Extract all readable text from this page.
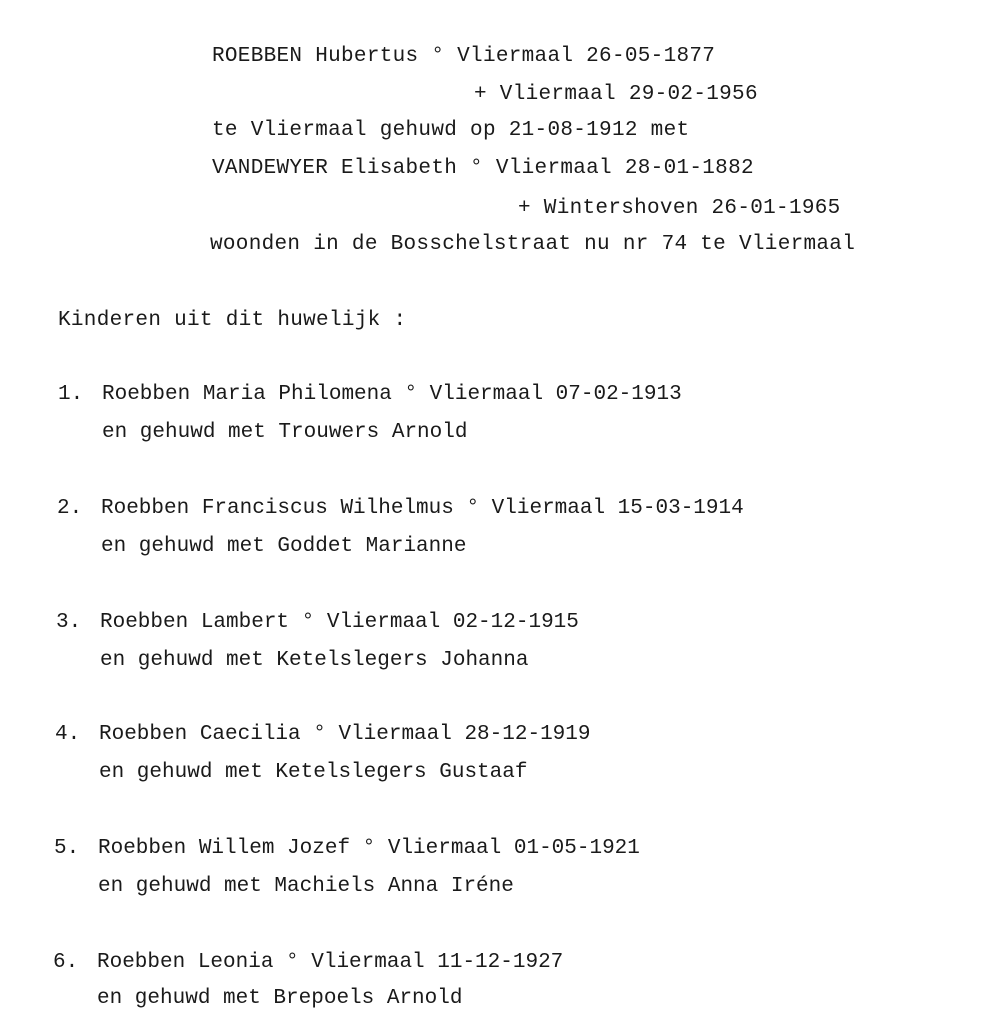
ROEBBEN Hubertus ° Vliermaal 26-05-1877
+ Vliermaal 29-02-1956
te Vliermaal gehuwd op 21-08-1912 met
VANDEWYER Elisabeth ° Vliermaal 28-01-1882
+ Wintershoven 26-01-1965
woonden in de Bosschelstraat nu nr 74 te Vliermaal
Kinderen uit dit huwelijk :
1. Roebben Maria Philomena ° Vliermaal 07-02-1913
en gehuwd met Trouwers Arnold
2. Roebben Franciscus Wilhelmus ° Vliermaal 15-03-1914
en gehuwd met Goddet Marianne
3. Roebben Lambert ° Vliermaal 02-12-1915
en gehuwd met Ketelslegers Johanna
4. Roebben Caecilia ° Vliermaal 28-12-1919
en gehuwd met Ketelslegers Gustaaf
5. Roebben Willem Jozef ° Vliermaal 01-05-1921
en gehuwd met Machiels Anna Iréne
6. Roebben Leonia ° Vliermaal 11-12-1927
en gehuwd met Brepoels Arnold
